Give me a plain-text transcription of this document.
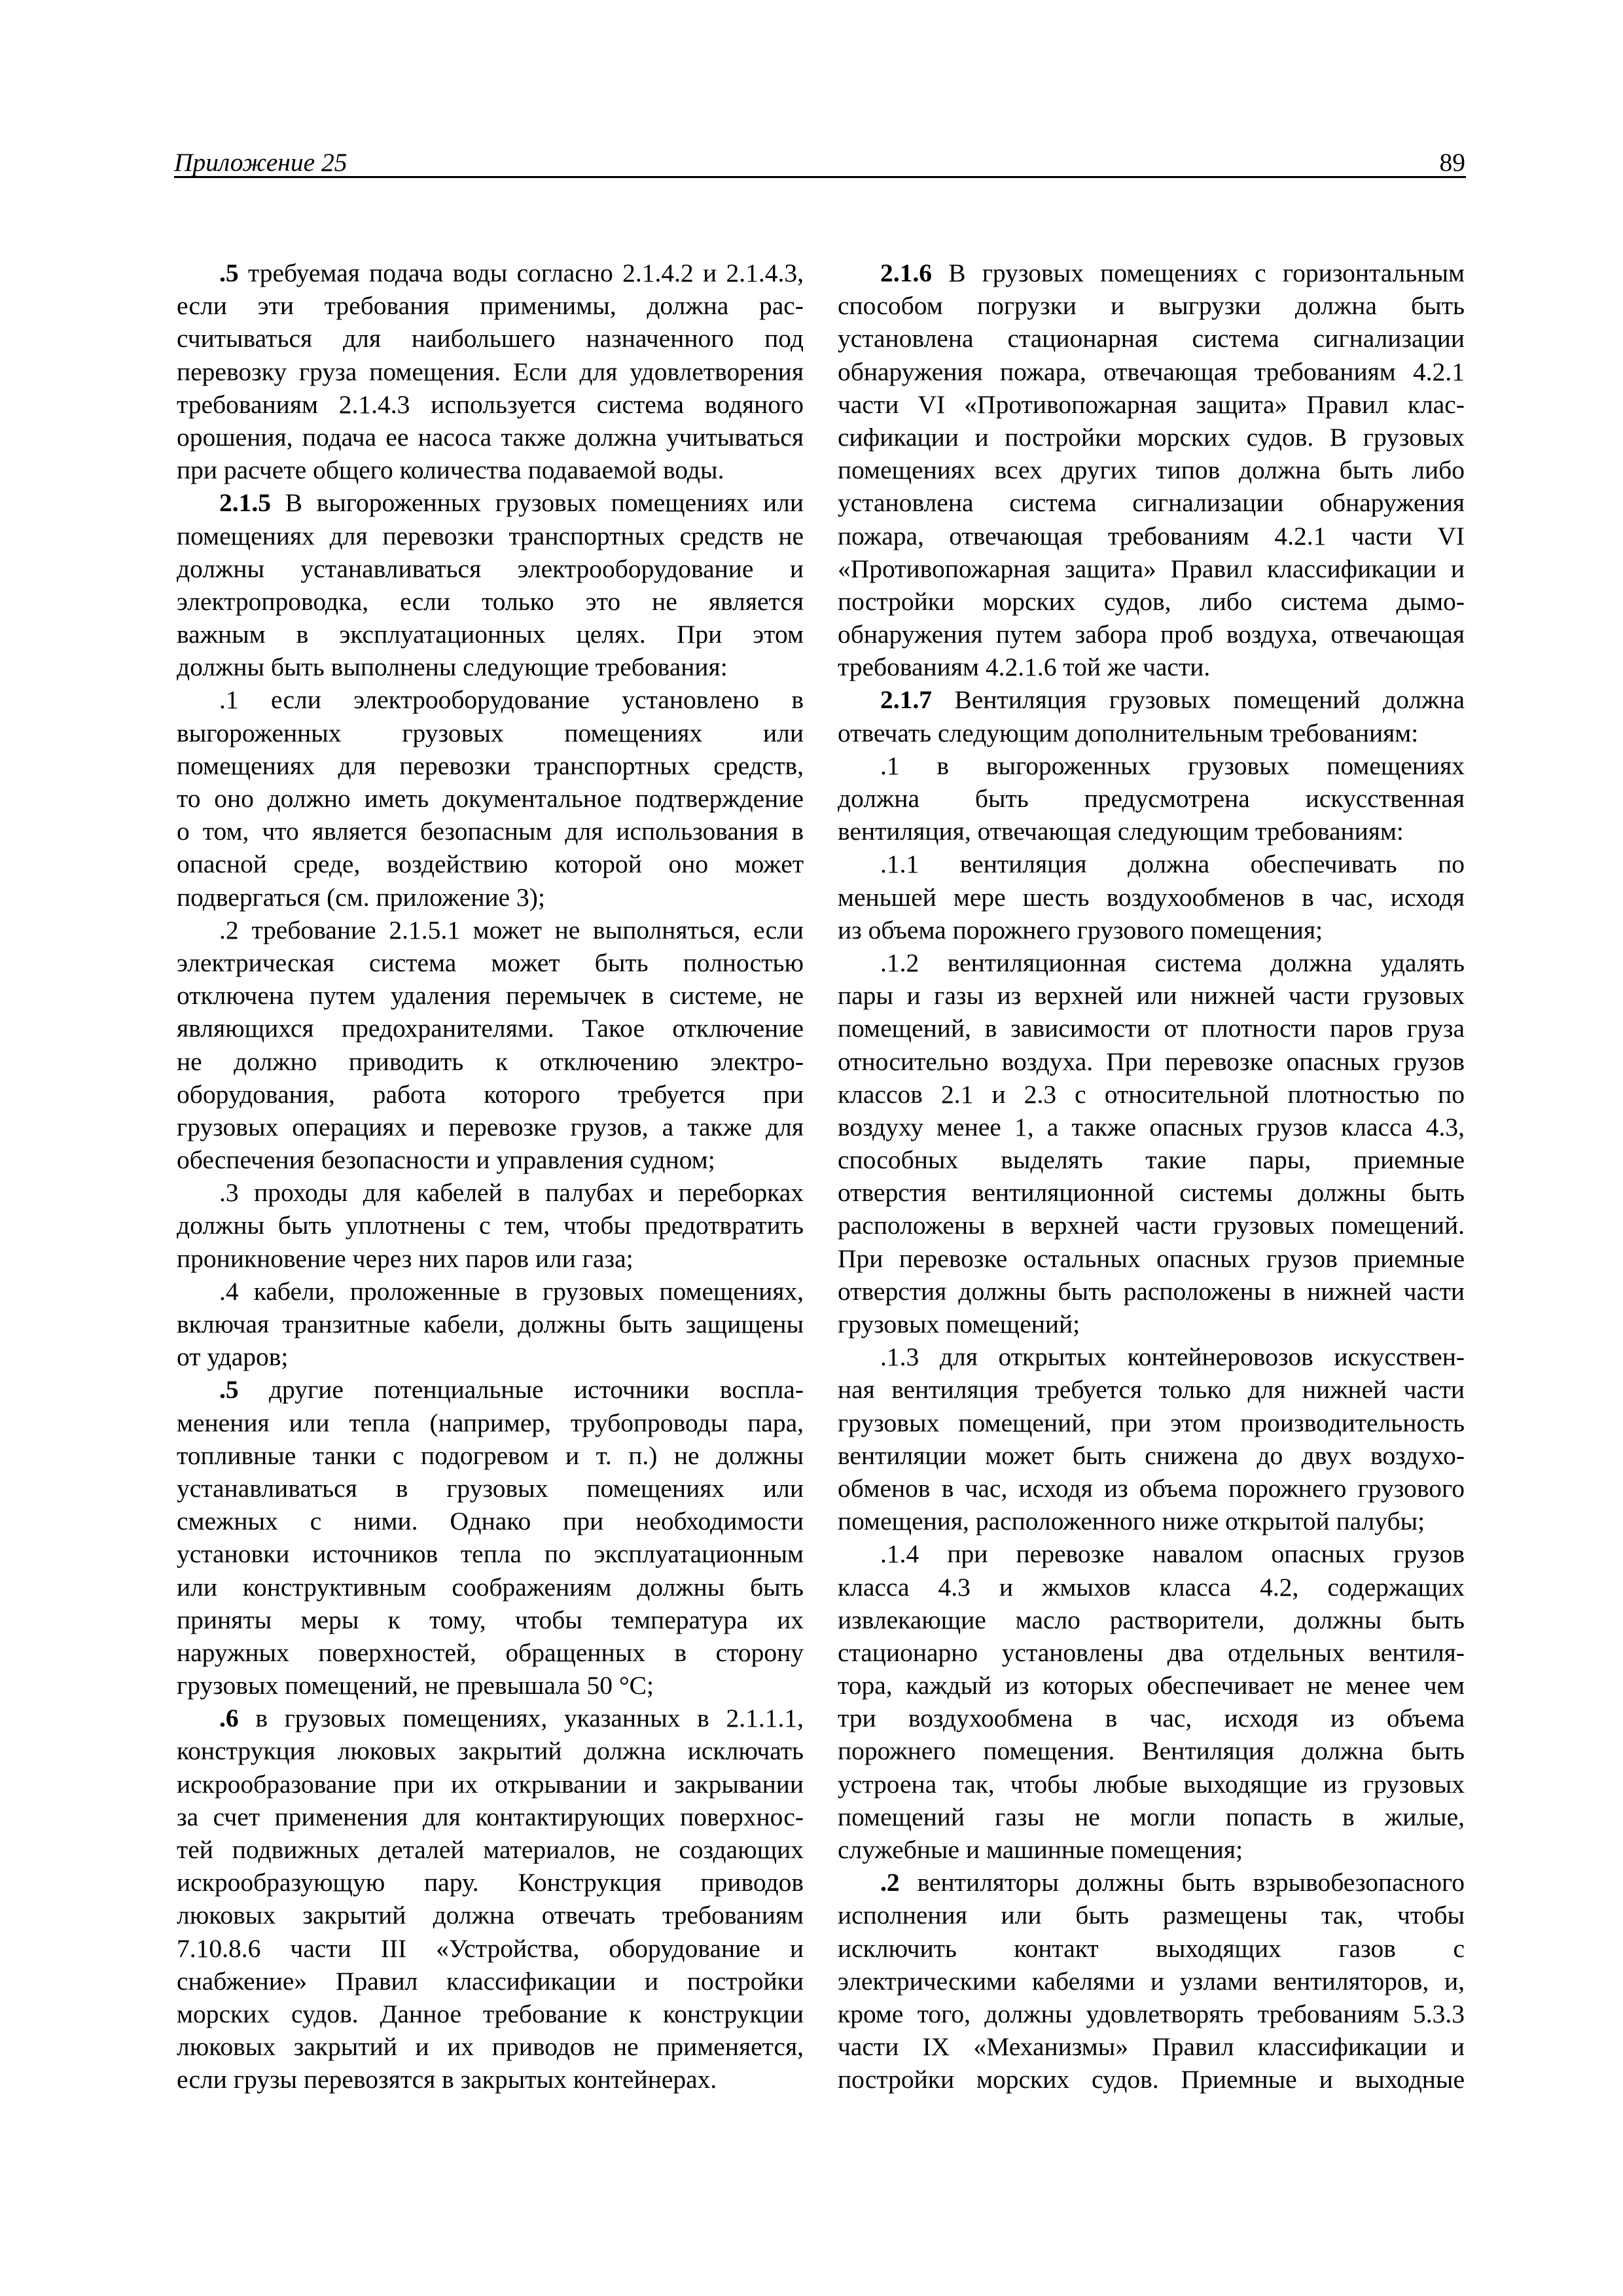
Приложение 25	89
.5 требуемая подача воды согласно 2.1.4.2 и 2.1.4.3,
если эти требования применимы, должна рас-
считываться для наибольшего назначенного под
перевозку груза помещения. Если для удовлетворения
требованиям 2.1.4.3 используется система водяного
орошения, подача ее насоса также должна учитываться
при расчете общего количества подаваемой воды.
2.1.5 В выгороженных грузовых помещениях или
помещениях для перевозки транспортных средств не
должны устанавливаться электрооборудование и
электропроводка, если только это не является
важным в эксплуатационных целях. При этом
должны быть выполнены следующие требования:
.1 если электрооборудование установлено в
выгороженных грузовых помещениях или
помещениях для перевозки транспортных средств,
то оно должно иметь документальное подтверждение
о том, что является безопасным для использования в
опасной среде, воздействию которой оно может
подвергаться (см. приложение 3);
.2 требование 2.1.5.1 может не выполняться, если
электрическая система может быть полностью
отключена путем удаления перемычек в системе, не
являющихся предохранителями. Такое отключение
не должно приводить к отключению электро-
оборудования, работа которого требуется при
грузовых операциях и перевозке грузов, а также для
обеспечения безопасности и управления судном;
.3 проходы для кабелей в палубах и переборках
должны быть уплотнены с тем, чтобы предотвратить
проникновение через них паров или газа;
.4 кабели, проложенные в грузовых помещениях,
включая транзитные кабели, должны быть защищены
от ударов;
.5 другие потенциальные источники воспла-
менения или тепла (например, трубопроводы пара,
топливные танки с подогревом и т. п.) не должны
устанавливаться в грузовых помещениях или
смежных с ними. Однако при необходимости
установки источников тепла по эксплуатационным
или конструктивным соображениям должны быть
приняты меры к тому, чтобы температура их
наружных поверхностей, обращенных в сторону
грузовых помещений, не превышала 50 °С;
.6 в грузовых помещениях, указанных в 2.1.1.1,
конструкция люковых закрытий должна исключать
искрообразование при их открывании и закрывании
за счет применения для контактирующих поверхнос-
тей подвижных деталей материалов, не создающих
искрообразующую пару. Конструкция приводов
люковых закрытий должна отвечать требованиям
7.10.8.6 части III «Устройства, оборудование и
снабжение» Правил классификации и постройки
морских судов. Данное требование к конструкции
люковых закрытий и их приводов не применяется,
если грузы перевозятся в закрытых контейнерах.
2.1.6 В грузовых помещениях с горизонтальным
способом погрузки и выгрузки должна быть
установлена стационарная система сигнализации
обнаружения пожара, отвечающая требованиям 4.2.1
части VI «Противопожарная защита» Правил клас-
сификации и постройки морских судов. В грузовых
помещениях всех других типов должна быть либо
установлена система сигнализации обнаружения
пожара, отвечающая требованиям 4.2.1 части VI
«Противопожарная защита» Правил классификации и
постройки морских судов, либо система дымо-
обнаружения путем забора проб воздуха, отвечающая
требованиям 4.2.1.6 той же части.
2.1.7 Вентиляция грузовых помещений должна
отвечать следующим дополнительным требованиям:
.1 в выгороженных грузовых помещениях
должна быть предусмотрена искусственная
вентиляция, отвечающая следующим требованиям:
.1.1 вентиляция должна обеспечивать по
меньшей мере шесть воздухообменов в час, исходя
из объема порожнего грузового помещения;
.1.2 вентиляционная система должна удалять
пары и газы из верхней или нижней части грузовых
помещений, в зависимости от плотности паров груза
относительно воздуха. При перевозке опасных грузов
классов 2.1 и 2.3 с относительной плотностью по
воздуху менее 1, а также опасных грузов класса 4.3,
способных выделять такие пары, приемные
отверстия вентиляционной системы должны быть
расположены в верхней части грузовых помещений.
При перевозке остальных опасных грузов приемные
отверстия должны быть расположены в нижней части
грузовых помещений;
.1.3 для открытых контейнеровозов искусствен-
ная вентиляция требуется только для нижней части
грузовых помещений, при этом производительность
вентиляции может быть снижена до двух воздухо-
обменов в час, исходя из объема порожнего грузового
помещения, расположенного ниже открытой палубы;
.1.4 при перевозке навалом опасных грузов
класса 4.3 и жмыхов класса 4.2, содержащих
извлекающие масло растворители, должны быть
стационарно установлены два отдельных вентиля-
тора, каждый из которых обеспечивает не менее чем
три воздухообмена в час, исходя из объема
порожнего помещения. Вентиляция должна быть
устроена так, чтобы любые выходящие из грузовых
помещений газы не могли попасть в жилые,
служебные и машинные помещения;
.2 вентиляторы должны быть взрывобезопасного
исполнения или быть размещены так, чтобы
исключить контакт выходящих газов с
электрическими кабелями и узлами вентиляторов, и,
кроме того, должны удовлетворять требованиям 5.3.3
части IX «Механизмы» Правил классификации и
постройки морских судов. Приемные и выходные
